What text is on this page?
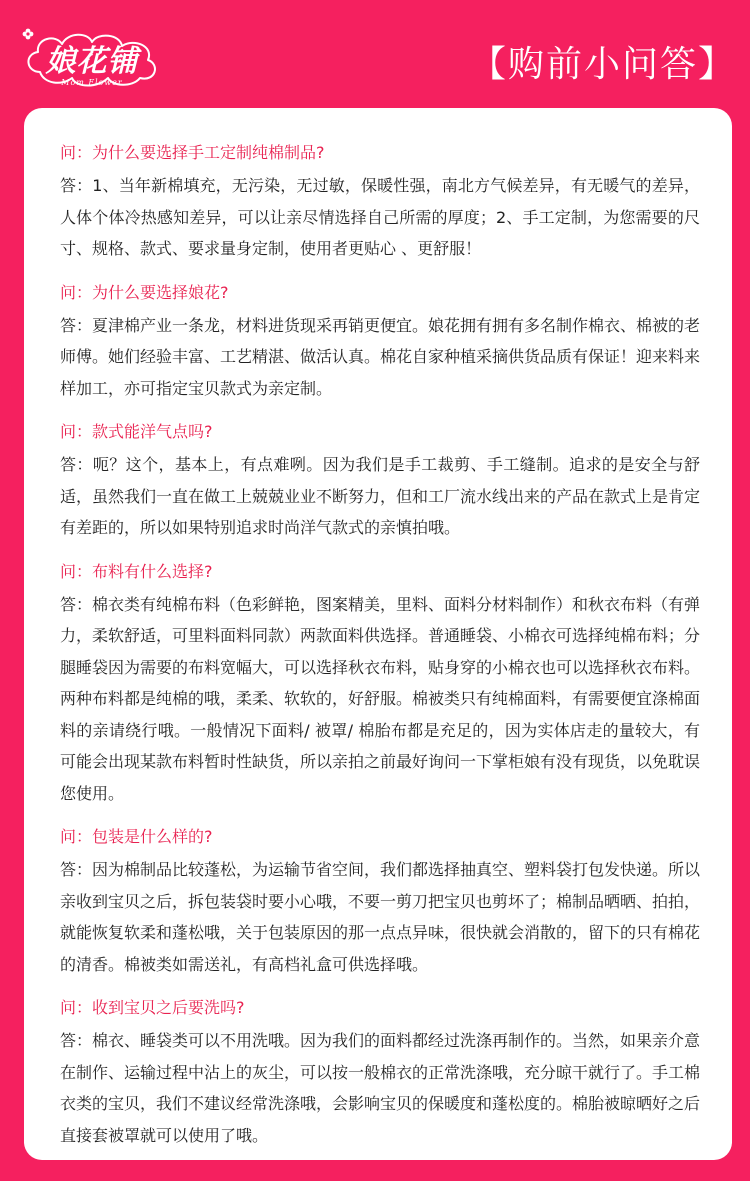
娘花铺
Mom Flower	【购前小问答】
问：为什么要选择手工定制纯棉制品?
答：1、当年新棉填充，无污染，无过敏，保暖性强，南北方气候差异，有无暖气的差异，人体个体冷热感知差异，可以让亲尽情选择自己所需的厚度；2、手工定制，为您需要的尺寸、规格、款式、要求量身定制，使用者更贴心 、更舒服！
问：为什么要选择娘花?
答：夏津棉产业一条龙，材料进货现采再销更便宜。娘花拥有拥有多名制作棉衣、棉被的老师傅。她们经验丰富、工艺精湛、做活认真。棉花自家种植采摘供货品质有保证！迎来料来样加工，亦可指定宝贝款式为亲定制。
问：款式能洋气点吗?
答：呃？这个，基本上，有点难咧。因为我们是手工裁剪、手工缝制。追求的是安全与舒适，虽然我们一直在做工上兢兢业业不断努力，但和工厂流水线出来的产品在款式上是肯定有差距的，所以如果特别追求时尚洋气款式的亲慎拍哦。
问：布料有什么选择?
答：棉衣类有纯棉布料（色彩鲜艳，图案精美，里料、面料分材料制作）和秋衣布料（有弹力，柔软舒适，可里料面料同款）两款面料供选择。普通睡袋、小棉衣可选择纯棉布料；分腿睡袋因为需要的布料宽幅大，可以选择秋衣布料，贴身穿的小棉衣也可以选择秋衣布料。两种布料都是纯棉的哦，柔柔、软软的，好舒服。棉被类只有纯棉面料，有需要便宜涤棉面料的亲请绕行哦。一般情况下面料/ 被罩/ 棉胎布都是充足的，因为实体店走的量较大，有可能会出现某款布料暂时性缺货，所以亲拍之前最好询问一下掌柜娘有没有现货，以免耽误您使用。
问：包装是什么样的?
答：因为棉制品比较蓬松，为运输节省空间，我们都选择抽真空、塑料袋打包发快递。所以亲收到宝贝之后，拆包装袋时要小心哦，不要一剪刀把宝贝也剪坏了；棉制品晒晒、拍拍，就能恢复软柔和蓬松哦，关于包装原因的那一点点异味，很快就会消散的，留下的只有棉花的清香。棉被类如需送礼，有高档礼盒可供选择哦。
问：收到宝贝之后要洗吗?
答：棉衣、睡袋类可以不用洗哦。因为我们的面料都经过洗涤再制作的。当然，如果亲介意在制作、运输过程中沾上的灰尘，可以按一般棉衣的正常洗涤哦，充分晾干就行了。手工棉衣类的宝贝，我们不建议经常洗涤哦，会影响宝贝的保暖度和蓬松度的。棉胎被晾晒好之后直接套被罩就可以使用了哦。
